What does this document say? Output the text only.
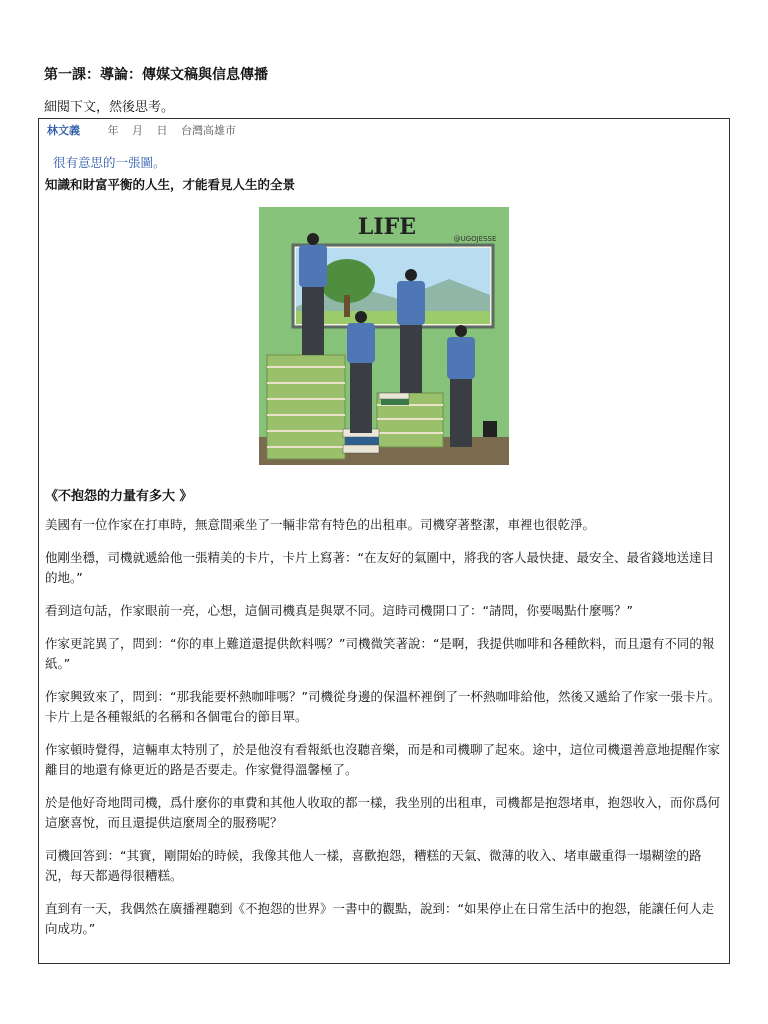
第一課：導論：傳媒文稿與信息傳播
細閱下文，然後思考。
林文義	年 月 日 台灣高雄市
很有意思的一張圖。
知識和財富平衡的人生，才能看見人生的全景
LIFE	@UGOJESSE
《不抱怨的力量有多大 》

美國有一位作家在打車時，無意間乘坐了一輛非常有特色的出租車。司機穿著整潔，車裡也很乾淨。

他剛坐穩，司機就遞給他一張精美的卡片，卡片上寫著：“在友好的氣圍中，將我的客人最快捷、最安全、最省錢地送達目的地。”

看到這句話，作家眼前一亮，心想，這個司機真是與眾不同。這時司機開口了：“請問，你要喝點什麼嗎？”

作家更詫異了，問到：“你的車上難道還提供飲料嗎？”司機微笑著說：“是啊，我提供咖啡和各種飲料，而且還有不同的報紙。”

作家興致來了，問到：“那我能要杯熱咖啡嗎？”司機從身邊的保溫杯裡倒了一杯熱咖啡給他，然後又遞給了作家一張卡片。卡片上是各種報紙的名稱和各個電台的節目單。

作家頓時覺得，這輛車太特別了，於是他沒有看報紙也沒聽音樂，而是和司機聊了起來。途中，這位司機還善意地提醒作家離目的地還有條更近的路是否要走。作家覺得溫馨極了。

於是他好奇地問司機，爲什麼你的車費和其他人收取的都一樣，我坐別的出租車，司機都是抱怨堵車，抱怨收入，而你爲何這麼喜悅，而且還提供這麼周全的服務呢？

司機回答到：“其實，剛開始的時候，我像其他人一樣，喜歡抱怨，糟糕的天氣、微薄的收入、堵車嚴重得一塌糊塗的路況，每天都過得很糟糕。

直到有一天，我偶然在廣播裡聽到《不抱怨的世界》一書中的觀點，說到：“如果停止在日常生活中的抱怨，能讓任何人走向成功。”
